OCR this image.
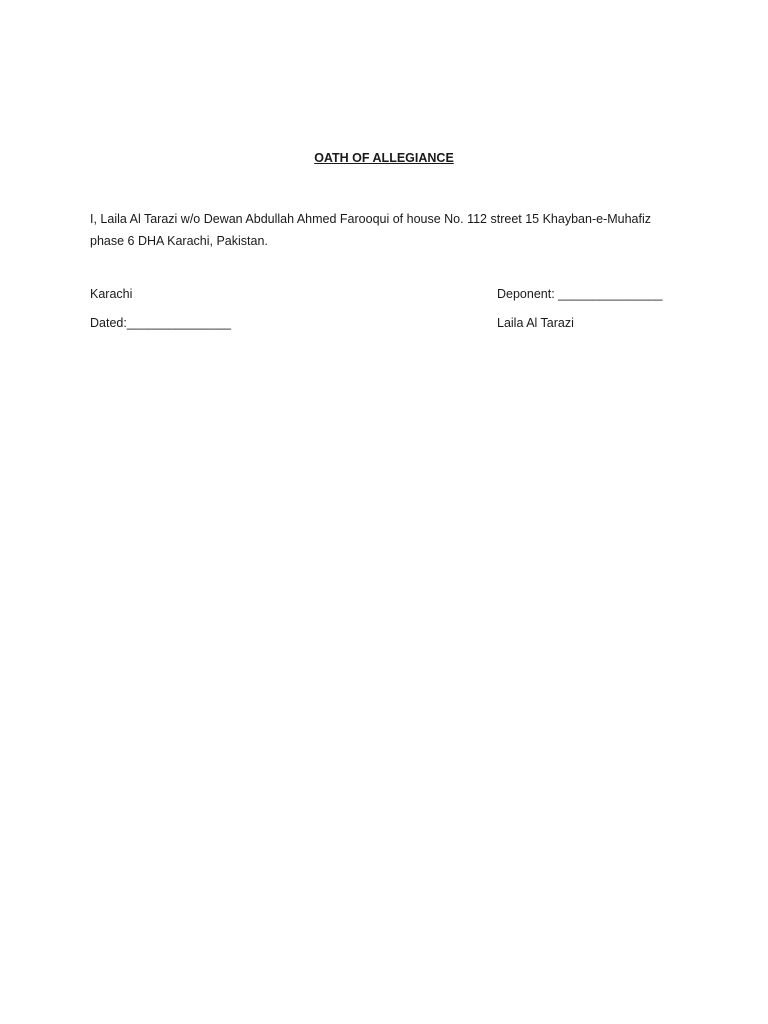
OATH OF ALLEGIANCE
I, Laila Al Tarazi w/o Dewan Abdullah Ahmed Farooqui of house No. 112 street 15 Khayban-e-Muhafiz
phase 6 DHA Karachi, Pakistan.
Karachi	Deponent: _______________
Dated:_______________	Laila Al Tarazi
